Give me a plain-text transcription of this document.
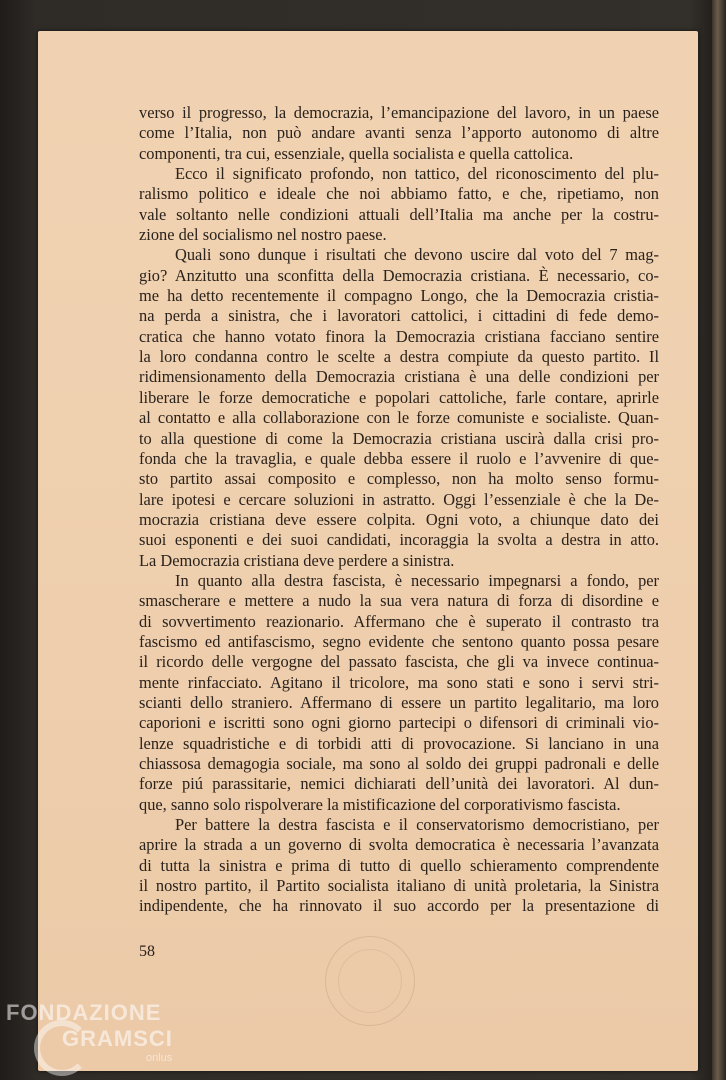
verso il progresso, la democrazia, l’emancipazione del lavoro, in un paese
come l’Italia, non può andare avanti senza l’apporto autonomo di altre
componenti, tra cui, essenziale, quella socialista e quella cattolica.

Ecco il significato profondo, non tattico, del riconoscimento del plu-
ralismo politico e ideale che noi abbiamo fatto, e che, ripetiamo, non
vale soltanto nelle condizioni attuali dell’Italia ma anche per la costru-
zione del socialismo nel nostro paese.

Quali sono dunque i risultati che devono uscire dal voto del 7 mag-
gio? Anzitutto una sconfitta della Democrazia cristiana. È necessario, co-
me ha detto recentemente il compagno Longo, che la Democrazia cristia-
na perda a sinistra, che i lavoratori cattolici, i cittadini di fede demo-
cratica che hanno votato finora la Democrazia cristiana facciano sentire
la loro condanna contro le scelte a destra compiute da questo partito. Il
ridimensionamento della Democrazia cristiana è una delle condizioni per
liberare le forze democratiche e popolari cattoliche, farle contare, aprirle
al contatto e alla collaborazione con le forze comuniste e socialiste. Quan-
to alla questione di come la Democrazia cristiana uscirà dalla crisi pro-
fonda che la travaglia, e quale debba essere il ruolo e l’avvenire di que-
sto partito assai composito e complesso, non ha molto senso formu-
lare ipotesi e cercare soluzioni in astratto. Oggi l’essenziale è che la De-
mocrazia cristiana deve essere colpita. Ogni voto, a chiunque dato dei
suoi esponenti e dei suoi candidati, incoraggia la svolta a destra in atto.
La Democrazia cristiana deve perdere a sinistra.

In quanto alla destra fascista, è necessario impegnarsi a fondo, per
smascherare e mettere a nudo la sua vera natura di forza di disordine e
di sovvertimento reazionario. Affermano che è superato il contrasto tra
fascismo ed antifascismo, segno evidente che sentono quanto possa pesare
il ricordo delle vergogne del passato fascista, che gli va invece continua-
mente rinfacciato. Agitano il tricolore, ma sono stati e sono i servi stri-
scianti dello straniero. Affermano di essere un partito legalitario, ma loro
caporioni e iscritti sono ogni giorno partecipi o difensori di criminali vio-
lenze squadristiche e di torbidi atti di provocazione. Si lanciano in una
chiassosa demagogia sociale, ma sono al soldo dei gruppi padronali e delle
forze piú parassitarie, nemici dichiarati dell’unità dei lavoratori. Al dun-
que, sanno solo rispolverare la mistificazione del corporativismo fascista.

Per battere la destra fascista e il conservatorismo democristiano, per
aprire la strada a un governo di svolta democratica è necessaria l’avanzata
di tutta la sinistra e prima di tutto di quello schieramento comprendente
il nostro partito, il Partito socialista italiano di unità proletaria, la Sinistra
indipendente, che ha rinnovato il suo accordo per la presentazione di

58
FONDAZIONE
GRAMSCI
onlus
